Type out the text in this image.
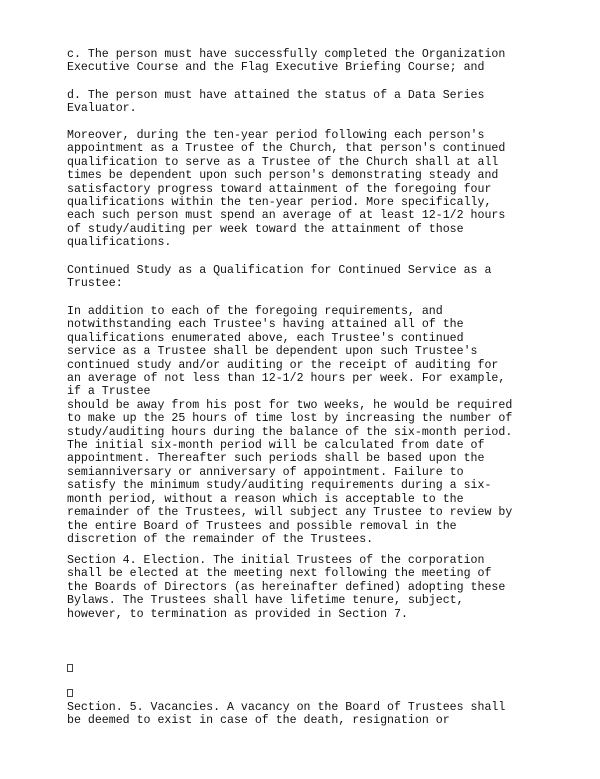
c. The person must have successfully completed the Organization
Executive Course and the Flag Executive Briefing Course; and

d. The person must have attained the status of a Data Series
Evaluator.

Moreover, during the ten-year period following each person's
appointment as a Trustee of the Church, that person's continued
qualification to serve as a Trustee of the Church shall at all
times be dependent upon such person's demonstrating steady and
satisfactory progress toward attainment of the foregoing four
qualifications within the ten-year period. More specifically,
each such person must spend an average of at least 12-1/2 hours
of study/auditing per week toward the attainment of those
qualifications.

Continued Study as a Qualification for Continued Service as a
Trustee:

In addition to each of the foregoing requirements, and
notwithstanding each Trustee's having attained all of the
qualifications enumerated above, each Trustee's continued
service as a Trustee shall be dependent upon such Trustee's
continued study and/or auditing or the receipt of auditing for
an average of not less than 12-1/2 hours per week. For example,
if a Trustee
should be away from his post for two weeks, he would be required
to make up the 25 hours of time lost by increasing the number of
study/auditing hours during the balance of the six-month period.
The initial six-month period will be calculated from date of
appointment. Thereafter such periods shall be based upon the
semianniversary or anniversary of appointment. Failure to
satisfy the minimum study/auditing requirements during a six-
month period, without a reason which is acceptable to the
remainder of the Trustees, will subject any Trustee to review by
the entire Board of Trustees and possible removal in the
discretion of the remainder of the Trustees.

Section 4. Election. The initial Trustees of the corporation
shall be elected at the meeting next following the meeting of
the Boards of Directors (as hereinafter defined) adopting these
Bylaws. The Trustees shall have lifetime tenure, subject,
however, to termination as provided in Section 7.

Section. 5. Vacancies. A vacancy on the Board of Trustees shall
be deemed to exist in case of the death, resignation or
